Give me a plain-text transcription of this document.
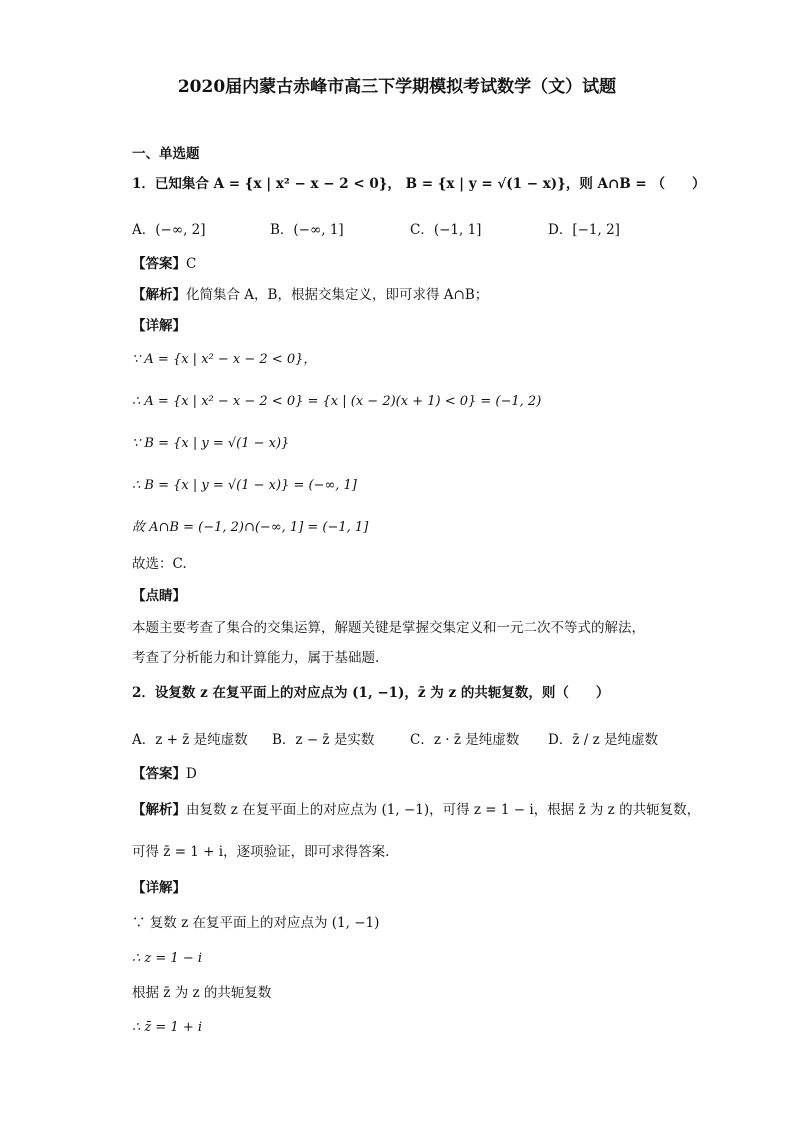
2020届内蒙古赤峰市高三下学期模拟考试数学（文）试题
一、单选题
1．已知集合 A = {x | x² − x − 2 < 0}， B = {x | y = √(1 − x)}，则 A∩B = （　　）
A．(−∞, 2]	B．(−∞, 1]	C．(−1, 1]	D．[−1, 2]
【答案】C
【解析】化简集合 A，B，根据交集定义，即可求得 A∩B；
【详解】
∵ A = {x | x² − x − 2 < 0}，
∴ A = {x | x² − x − 2 < 0} = {x | (x − 2)(x + 1) < 0} = (−1, 2)
∵ B = {x | y = √(1 − x)}
∴ B = {x | y = √(1 − x)} = (−∞, 1]
故 A∩B = (−1, 2)∩(−∞, 1] = (−1, 1]
故选：C.
【点睛】
本题主要考查了集合的交集运算，解题关键是掌握交集定义和一元二次不等式的解法，
考查了分析能力和计算能力，属于基础题.
2．设复数 z 在复平面上的对应点为 (1, −1)，z̄ 为 z 的共轭复数，则（　　）
A．z + z̄ 是纯虚数 B．z − z̄ 是实数	C．z · z̄ 是纯虚数 D．z̄ / z 是纯虚数
【答案】D
【解析】由复数 z 在复平面上的对应点为 (1, −1)，可得 z = 1 − i，根据 z̄ 为 z 的共轭复数，
可得 z̄ = 1 + i，逐项验证，即可求得答案.
【详解】
∵ 复数 z 在复平面上的对应点为 (1, −1)
∴ z = 1 − i
根据 z̄ 为 z 的共轭复数
∴ z̄ = 1 + i
